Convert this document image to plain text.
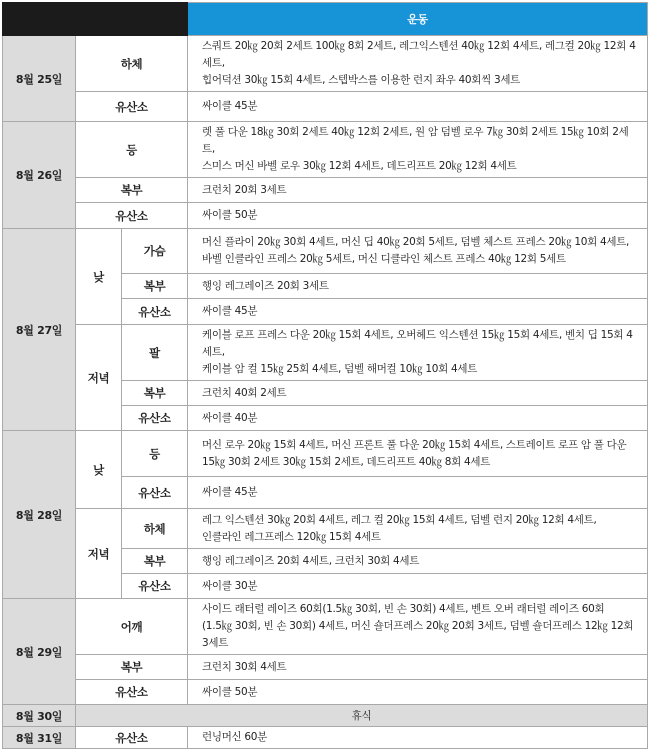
			운동
8월 25일	하체		스쿼트 20㎏ 20회 2세트 100㎏ 8회 2세트, 레그익스텐션 40㎏ 12회 4세트, 레그컬 20㎏ 12회 4세트,
힙어덕션 30㎏ 15회 4세트, 스텝박스를 이용한 런지 좌우 40회씩 3세트

	유산소		싸이클 45분
8월 26일	등		렛 풀 다운 18㎏ 30회 2세트 40㎏ 12회 2세트, 원 암 덤벨 로우 7㎏ 30회 2세트 15㎏ 10회 2세트,
스미스 머신 바벨 로우 30㎏ 12회 4세트, 데드리프트 20㎏ 12회 4세트

	복부		크런치 20회 3세트
	유산소		싸이클 50분
8월 27일	낮	가슴	머신 플라이 20㎏ 30회 4세트, 머신 딥 40㎏ 20회 5세트, 덤벨 체스트 프레스 20㎏ 10회 4세트,
바벨 인클라인 프레스 20㎏ 5세트, 머신 디클라인 체스트 프레스 40㎏ 12회 5세트

		복부	행잉 레그레이즈 20회 3세트
		유산소	싸이클 45분
	저녁	팔	케이블 로프 프레스 다운 20㎏ 15회 4세트, 오버헤드 익스텐션 15㎏ 15회 4세트, 벤치 딥 15회 4세트,
케이블 암 컬 15㎏ 25회 4세트, 덤벨 해머컬 10㎏ 10회 4세트

		복부	크런치 40회 2세트
		유산소	싸이클 40분
8월 28일	낮	등	머신 로우 20㎏ 15회 4세트, 머신 프론트 풀 다운 20㎏ 15회 4세트, 스트레이트 로프 암 풀 다운
15㎏ 30회 2세트 30㎏ 15회 2세트, 데드리프트 40㎏ 8회 4세트

		유산소	싸이클 45분
	저녁	하체	레그 익스텐션 30㎏ 20회 4세트, 레그 컬 20㎏ 15회 4세트, 덤벨 런지 20㎏ 12회 4세트,
인클라인 레그프레스 120㎏ 15회 4세트

		복부	행잉 레그레이즈 20회 4세트, 크런치 30회 4세트
		유산소	싸이클 30분
8월 29일	어깨		사이드 래터럴 레이즈 60회(1.5㎏ 30회, 빈 손 30회) 4세트, 벤트 오버 래터럴 레이즈 60회
(1.5㎏ 30회, 빈 손 30회) 4세트, 머신 숄더프레스 20㎏ 20회 3세트, 덤벨 숄더프레스 12㎏ 12회 3세트

	복부		크런치 30회 4세트
	유산소		싸이클 50분
8월 30일	휴식		
8월 31일	유산소		런닝머신 60분
